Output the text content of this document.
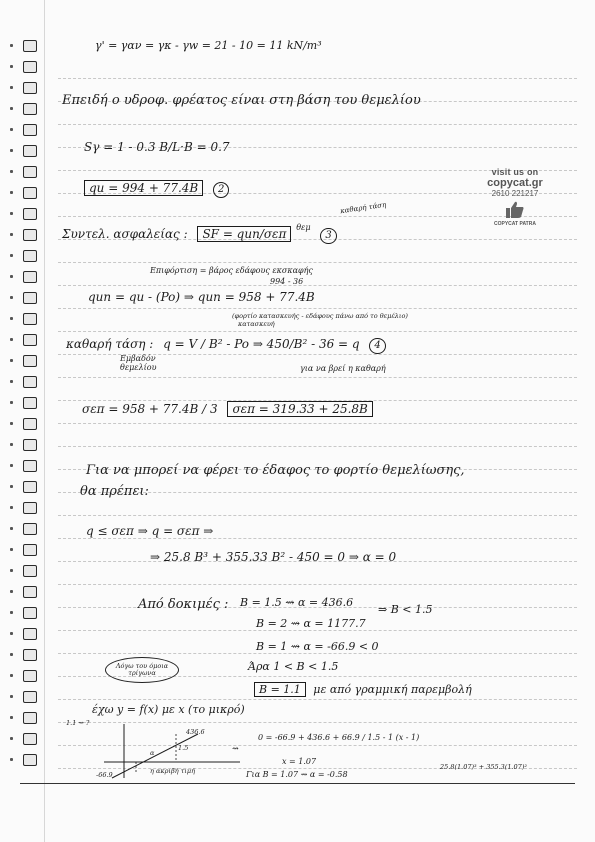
γ' = γαν = γκ - γw = 21 - 10 = 11 kN/m³
Επειδή ο υδροφ. φρέατος είναι στη βάση του θεμελίου
Sγ = 1 - 0.3 B/L·B = 0.7
qu = 994 + 77.4B 2
visit us on
copycat.gr
2610 221217
COPYCAT PATRA
καθαρή τάση
Συντελ. ασφαλείας : SF = qun/σεπ $^{\theta\varepsilon\mu}$ 3
Επιφόρτιση = βάρος εδάφους εκσκαφής
994 - 36
qun = qu - (Po) ⇒ qun = 958 + 77.4B
(φορτίο κατασκευής - εδάφους πάνω από το θεμέλιο)
κατασκευή
καθαρή τάση : q = V / B² - Po ⇒ 450/B² - 36 = q 4
Εμβαδόν θεμελίου	για να βρεί η καθαρή
σεπ = 958 + 77.4B / 3 σεπ = 319.33 + 25.8B
Για να μπορεί να φέρει το έδαφος το φορτίο θεμελίωσης,
θα πρέπει:
q ≤ σεπ ⇒ q = σεπ ⇒
⇒ 25.8 B³ + 355.33 B² - 450 = 0 ⇒ α = 0
Από δοκιμές : B = 1.5 ⇝ α = 436.6
B = 2 ⇝ α = 1177.7
⇒ B < 1.5
B = 1 ⇝ α = -66.9 < 0
Λόγω του όμοια τρίγωνα	Άρα 1 < B < 1.5
B = 1.1 με από γραμμική παρεμβολή
έχω y = f(x) με x (το μικρό)
1.1 ⇝ ?
436.6
1.5
α
-66.9	η ακριβή τιμή
⇝
0 = -66.9 + 436.6 + 66.9 / 1.5 - 1 (x - 1)
x = 1.07
Για B = 1.07 ⇝ α = -0.58
25.8(1.07)³ + 355.3(1.07)²
